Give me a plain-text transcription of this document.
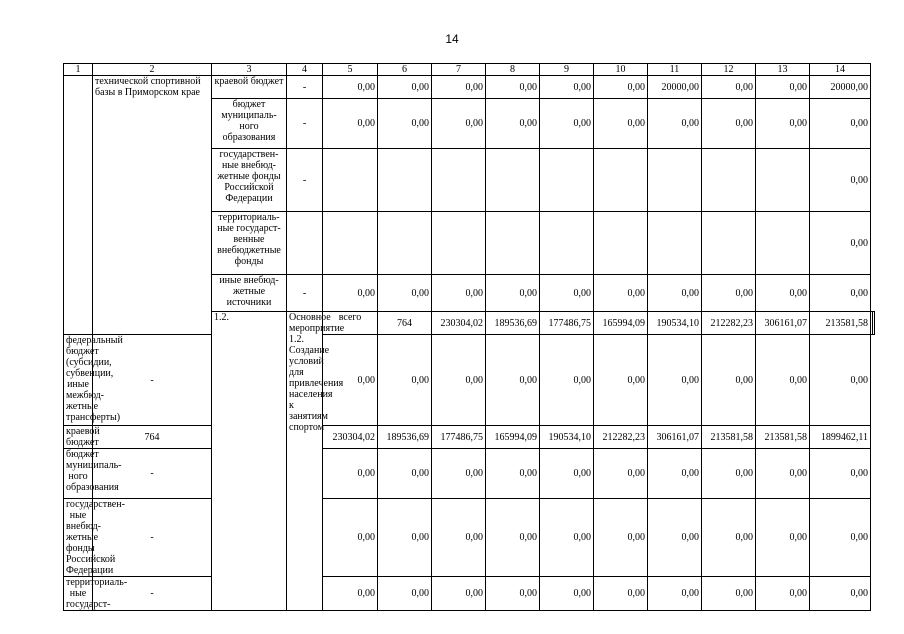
14
1	2	3	4	5	6	7	8	9	10	11	12	13	14		
	технической спортивной базы в Приморском крае	краевой бюджет	-	0,00	0,00	0,00	0,00	0,00	0,00	20000,00	0,00	0,00	20000,00		
		бюджет муниципаль-ного образования	-	0,00	0,00	0,00	0,00	0,00	0,00	0,00	0,00	0,00	0,00		
		государствен-ные внебюд-жетные фонды Российской Федерации	-										0,00		
		территориаль-ные государст-венные внебюджетные фонды											0,00		
		иные внебюд-жетные источники	-	0,00	0,00	0,00	0,00	0,00	0,00	0,00	0,00	0,00	0,00		
		1.2.	Основное мероприятие 1.2. Создание условий для привлечения населения к занятиям спортом	всего	764	230304,02	189536,69	177486,75	165994,09	190534,10	212282,23	306161,07	213581,58		
федеральный бюджет (субсидии, субвенции, иные межбюд-жетные трансферты)	-			0,00	0,00	0,00	0,00	0,00	0,00	0,00	0,00	0,00	0,00		
краевой бюджет	764			230304,02	189536,69	177486,75	165994,09	190534,10	212282,23	306161,07	213581,58	213581,58	1899462,11		
бюджет муниципаль-ного образования	-			0,00	0,00	0,00	0,00	0,00	0,00	0,00	0,00	0,00	0,00		
государствен-ные внебюд-жетные фонды Российской Федерации	-			0,00	0,00	0,00	0,00	0,00	0,00	0,00	0,00	0,00	0,00		
территориаль-ные государст-	-			0,00	0,00	0,00	0,00	0,00	0,00	0,00	0,00	0,00	0,00		
